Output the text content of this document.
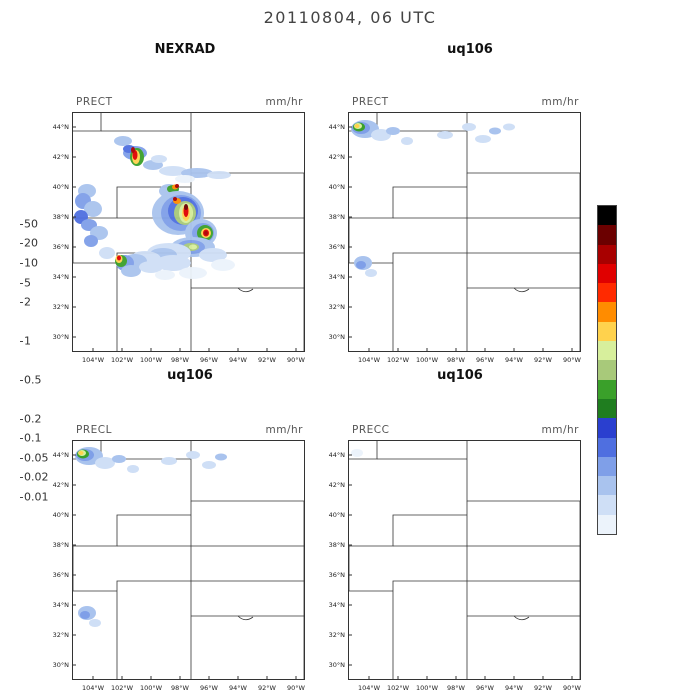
20110804, 06 UTC
NEXRAD	uq106
uq106	uq106
PRECT	mm/hr
44°N
42°N
40°N
38°N
36°N
34°N
32°N
30°N
104°W 102°W 100°W 98°W 96°W 94°W 92°W 90°W
PRECT	mm/hr
44°N
42°N
40°N
38°N
36°N
34°N
32°N
30°N
104°W 102°W 100°W 98°W 96°W 94°W 92°W 90°W
PRECL	mm/hr
44°N
42°N
40°N
38°N
36°N
34°N
32°N
30°N
104°W 102°W 100°W 98°W 96°W 94°W 92°W 90°W
PRECC	mm/hr
44°N
42°N
40°N
38°N
36°N
34°N
32°N
30°N
104°W 102°W 100°W 98°W 96°W 94°W 92°W 90°W
50
20
10
5
2
1
0.5
0.2
0.1
0.05
0.02
0.01
